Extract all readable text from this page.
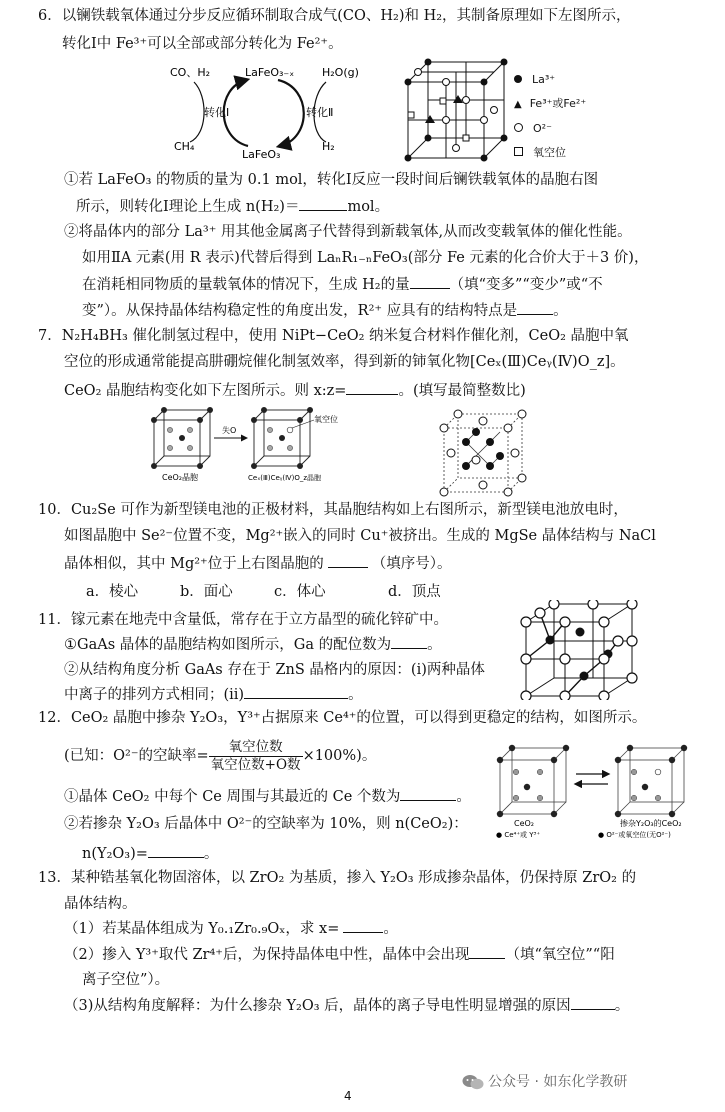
6．以镧铁载氧体通过分步反应循环制取合成气(CO、H₂)和 H₂，其制备原理如下左图所示，
转化Ⅰ中 Fe³⁺可以全部或部分转化为 Fe²⁺。
CO、H₂	LaFeO₃₋ₓ	H₂O(g)
转化Ⅰ	转化Ⅱ
CH₄
LaFeO₃
H₂
La³⁺
▲ Fe³⁺或Fe²⁺
O²⁻
氧空位
①若 LaFeO₃ 的物质的量为 0.1 mol，转化Ⅰ反应一段时间后镧铁载氧体的晶胞右图
所示，则转化Ⅰ理论上生成 n(H₂)＝	mol。
②将晶体内的部分 La³⁺ 用其他金属离子代替得到新载氧体,从而改变载氧体的催化性能。
如用ⅡA 元素(用 R 表示)代替后得到 LaₙR₁₋ₙFeO₃(部分 Fe 元素的化合价大于＋3 价)，
在消耗相同物质的量载氧体的情况下，生成 H₂的量	（填“变多”“变少”或“不
变”）。从保持晶体结构稳定性的角度出发，R²⁺ 应具有的结构特点是 。
7．N₂H₄BH₃ 催化制氢过程中，使用 NiPt−CeO₂ 纳米复合材料作催化剂，CeO₂ 晶胞中氧
空位的形成通常能提高肼硼烷催化制氢效率，得到新的铈氧化物[Ceₓ(Ⅲ)Ceᵧ(Ⅳ)O_z]。
CeO₂ 晶胞结构变化如下左图所示。则 x:z=	。(填写最简整数比)
失O
氧空位
CeO₂晶胞	Ceₓ(Ⅲ)Ceᵧ(Ⅳ)O_z晶胞
10．Cu₂Se 可作为新型镁电池的正极材料，其晶胞结构如上右图所示，新型镁电池放电时，
如图晶胞中 Se²⁻位置不变，Mg²⁺嵌入的同时 Cu⁺被挤出。生成的 MgSe 晶体结构与 NaCl
晶体相似，其中 Mg²⁺位于上右图晶胞的	（填序号）。
a．棱心	b．面心	c．体心	d．顶点
11．镓元素在地壳中含量低，常存在于立方晶型的硫化锌矿中。
①GaAs 晶体的晶胞结构如图所示，Ga 的配位数为 。
②从结构角度分析 GaAs 存在于 ZnS 晶格内的原因：(i)两种晶体
中离子的排列方式相同；(ⅱ)	。
12．CeO₂ 晶胞中掺杂 Y₂O₃，Y³⁺占据原来 Ce⁴⁺的位置，可以得到更稳定的结构，如图所示。
(已知：O²⁻的空缺率= $\frac{\text{氧空位数}}{\text{氧空位数+O数}} \times 100\%$)。
①晶体 CeO₂ 中每个 Ce 周围与其最近的 Ce 个数为	。
②若掺杂 Y₂O₃ 后晶体中 O²⁻的空缺率为 10%，则 n(CeO₂)：
n(Y₂O₃)=	。
CeO₂	掺杂Y₂O₃的CeO₂
● Ce⁴⁺或 Y³⁺	● O²⁻或氧空位(无O²⁻)
13．某种锆基氧化物固溶体，以 ZrO₂ 为基质，掺入 Y₂O₃ 形成掺杂晶体，仍保持原 ZrO₂ 的
晶体结构。
（1）若某晶体组成为 Y₀.₁Zr₀.₉Oₓ，求 x=	。
（2）掺入 Y³⁺取代 Zr⁴⁺后，为保持晶体电中性，晶体中会出现 （填“氧空位”“阳
离子空位”）。
（3)从结构角度解释：为什么掺杂 Y₂O₃ 后，晶体的离子导电性明显增强的原因	。
4
公众号 · 如东化学教研
